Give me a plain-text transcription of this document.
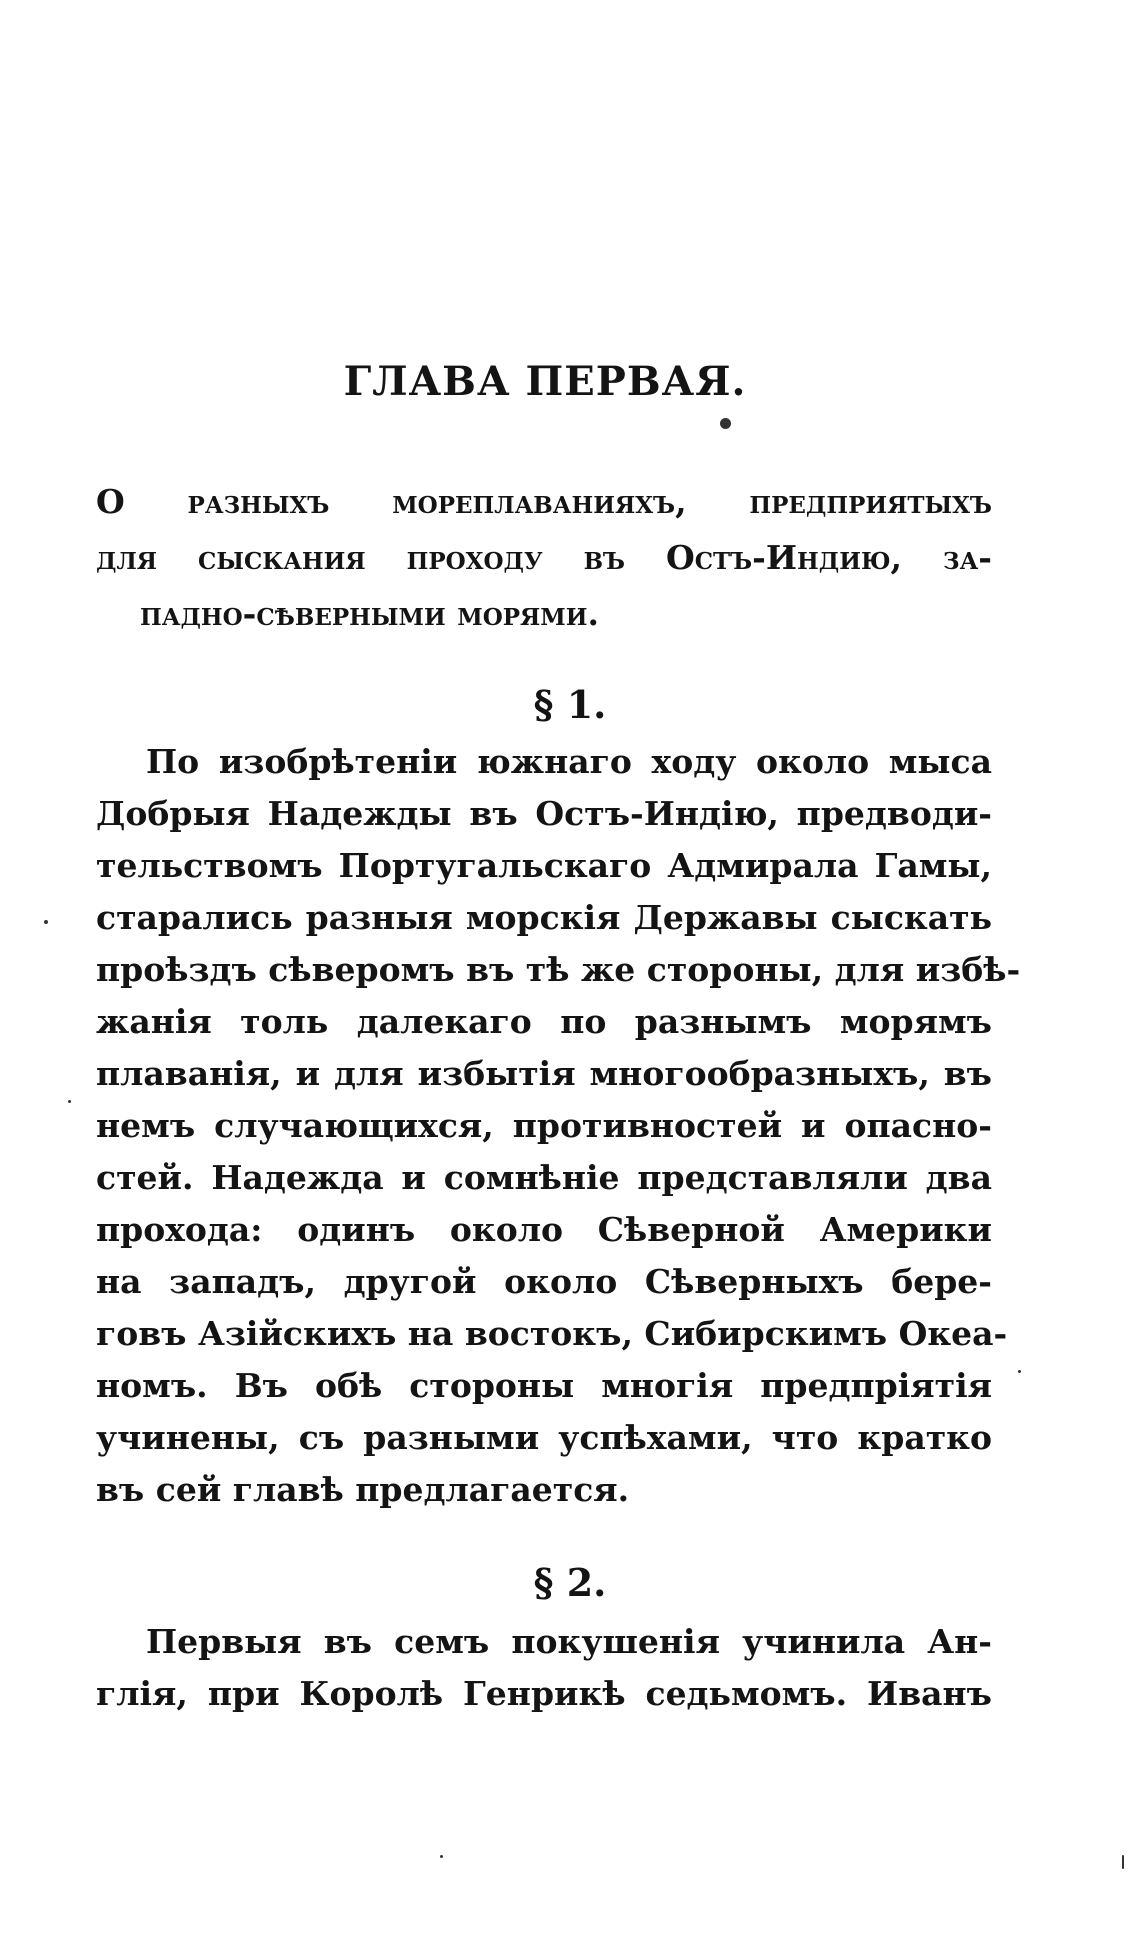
ГЛАВА ПЕРВАЯ.

О разныхъ мореплаванияхъ, предприятыхъ

для сыскания проходу въ Остъ-Индию, за-

падно-сѣверными морями.

§ 1.

По изобрѣтеніи южнаго ходу около мыса

Добрыя Надежды въ Остъ-Индію, предводи-

тельствомъ Португальскаго Адмирала Гамы,

старались разныя морскія Державы сыскать

проѣздъ сѣверомъ въ тѣ же стороны, для избѣ-

жанія толь далекаго по разнымъ морямъ

плаванія, и для избытія многообразныхъ, въ

немъ случающихся, противностей и опасно-

стей. Надежда и сомнѣніе представляли два

прохода: одинъ около Сѣверной Америки

на западъ, другой около Сѣверныхъ бере-

говъ Азійскихъ на востокъ, Сибирскимъ Океа-

номъ. Въ обѣ стороны многія предпріятія

учинены, съ разными успѣхами, что кратко

въ сей главѣ предлагается.

§ 2.

Первыя въ семъ покушенія учинила Ан-

глія, при Королѣ Генрикѣ седьмомъ. Иванъ
